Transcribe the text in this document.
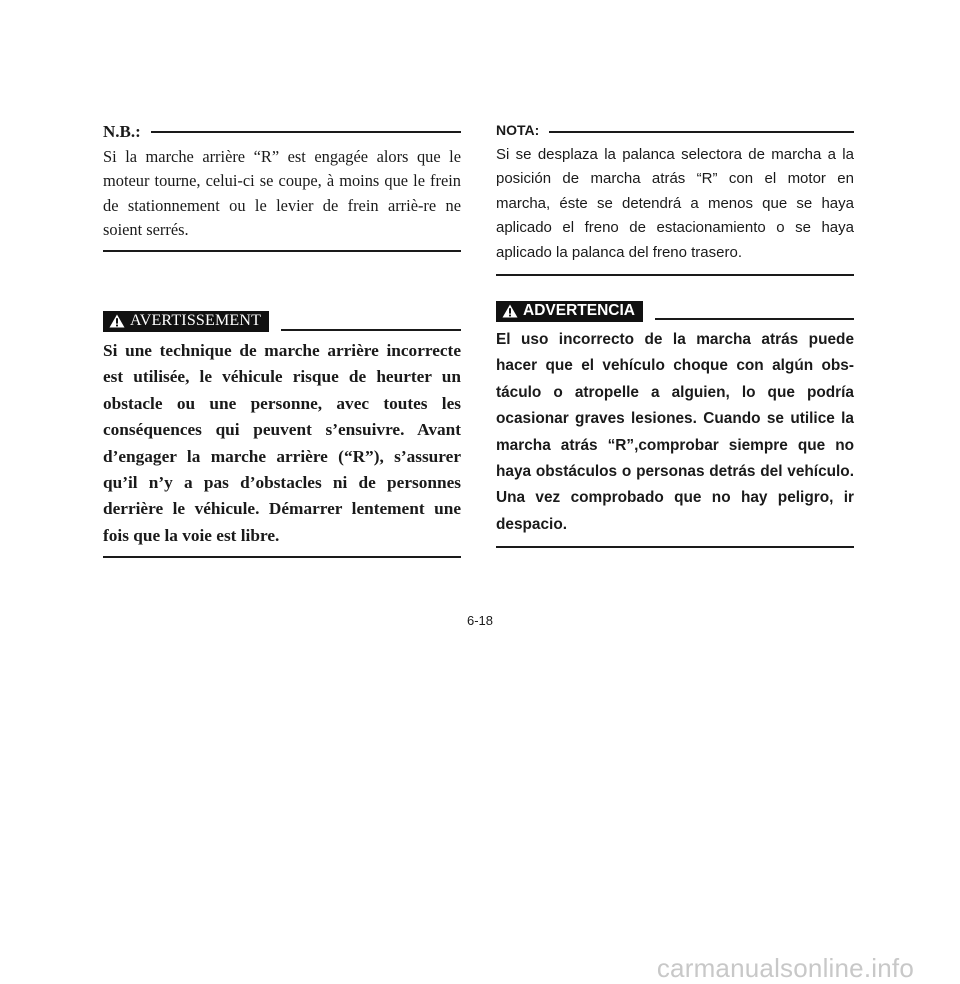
N.B.:

Si la marche arrière “R” est engagée alors que le moteur tourne, celui-ci se coupe, à moins que le frein de stationnement ou le levier de frein arriè-re ne soient serrés.

AVERTISSEMENT

Si une technique de marche arrière incorrecte est utilisée, le véhicule risque de heurter un obstacle ou une personne, avec toutes les conséquences qui peuvent s’ensuivre. Avant d’engager la marche arrière (“R”), s’assurer qu’il n’y a pas d’obstacles ni de personnes derrière le véhicule. Démarrer lentement une fois que la voie est libre.

NOTA:

Si se desplaza la palanca selectora de marcha a la posición de marcha atrás “R” con el motor en marcha, éste se detendrá a menos que se haya aplicado el freno de estacionamiento o se haya aplicado la palanca del freno trasero.

ADVERTENCIA

El uso incorrecto de la marcha atrás puede hacer que el vehículo choque con algún obs-táculo o atropelle a alguien, lo que podría ocasionar graves lesiones. Cuando se utilice la marcha atrás “R”,comprobar siempre que no haya obstáculos o personas detrás del vehículo. Una vez comprobado que no hay peligro, ir despacio.

6-18
carmanualsonline.info
